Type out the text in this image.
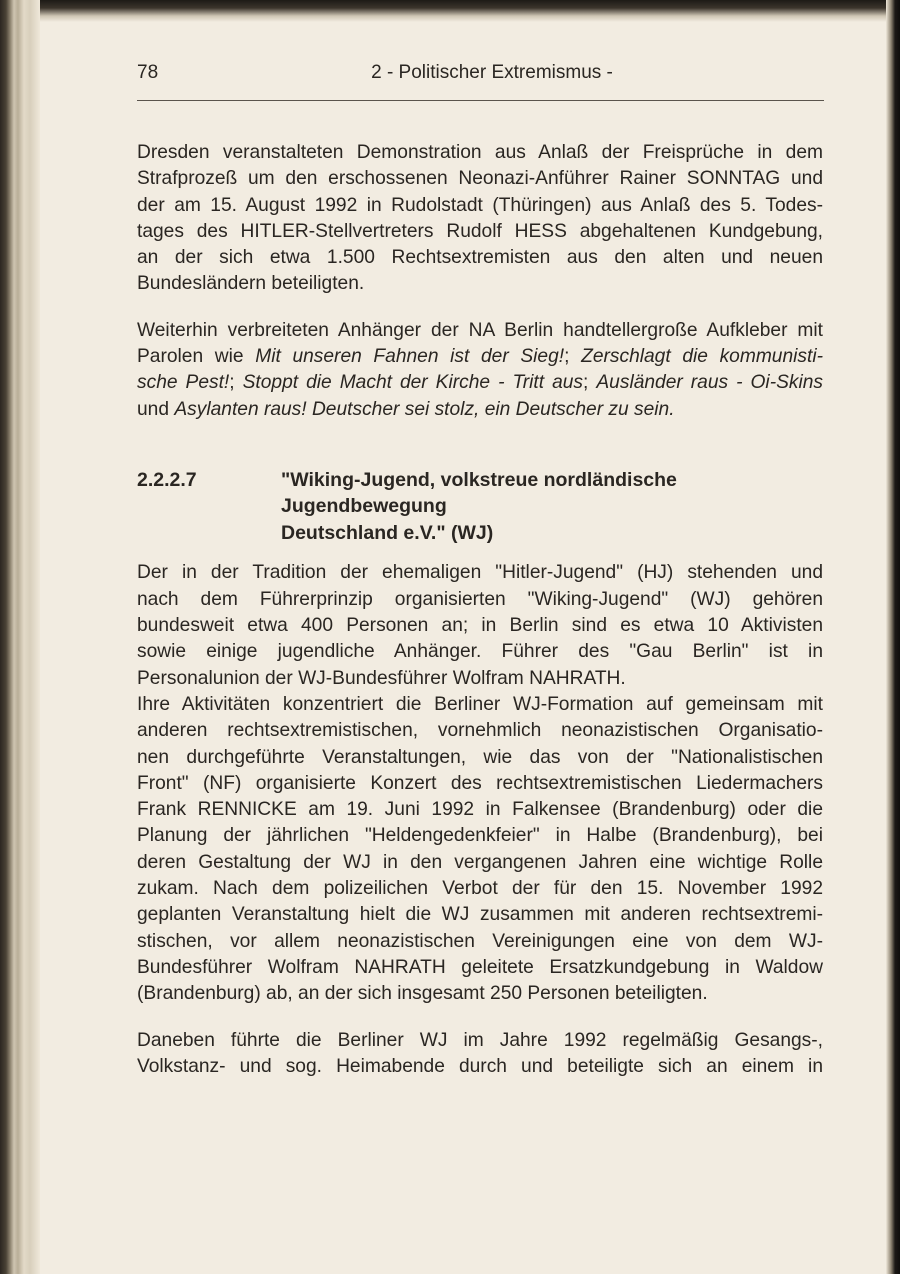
78	2 - Politischer Extremismus -
Dresden veranstalteten Demonstration aus Anlaß der Freisprüche in dem
Strafprozeß um den erschossenen Neonazi-Anführer Rainer SONNTAG und
der am 15. August 1992 in Rudolstadt (Thüringen) aus Anlaß des 5. Todes-
tages des HITLER-Stellvertreters Rudolf HESS abgehaltenen Kundgebung,
an der sich etwa 1.500 Rechtsextremisten aus den alten und neuen
Bundesländern beteiligten.
Weiterhin verbreiteten Anhänger der NA Berlin handtellergroße Aufkleber mit
Parolen wie Mit unseren Fahnen ist der Sieg!; Zerschlagt die kommunisti-
sche Pest!; Stoppt die Macht der Kirche - Tritt aus; Ausländer raus - Oi-Skins
und Asylanten raus! Deutscher sei stolz, ein Deutscher zu sein.
2.2.2.7	"Wiking-Jugend, volkstreue nordländische Jugendbewegung
Deutschland e.V." (WJ)
Der in der Tradition der ehemaligen "Hitler-Jugend" (HJ) stehenden und
nach dem Führerprinzip organisierten "Wiking-Jugend" (WJ) gehören
bundesweit etwa 400 Personen an; in Berlin sind es etwa 10 Aktivisten
sowie einige jugendliche Anhänger. Führer des "Gau Berlin" ist in
Personalunion der WJ-Bundesführer Wolfram NAHRATH.
Ihre Aktivitäten konzentriert die Berliner WJ-Formation auf gemeinsam mit
anderen rechtsextremistischen, vornehmlich neonazistischen Organisatio-
nen durchgeführte Veranstaltungen, wie das von der "Nationalistischen
Front" (NF) organisierte Konzert des rechtsextremistischen Liedermachers
Frank RENNICKE am 19. Juni 1992 in Falkensee (Brandenburg) oder die
Planung der jährlichen "Heldengedenkfeier" in Halbe (Brandenburg), bei
deren Gestaltung der WJ in den vergangenen Jahren eine wichtige Rolle
zukam. Nach dem polizeilichen Verbot der für den 15. November 1992
geplanten Veranstaltung hielt die WJ zusammen mit anderen rechtsextremi-
stischen, vor allem neonazistischen Vereinigungen eine von dem WJ-
Bundesführer Wolfram NAHRATH geleitete Ersatzkundgebung in Waldow
(Brandenburg) ab, an der sich insgesamt 250 Personen beteiligten.
Daneben führte die Berliner WJ im Jahre 1992 regelmäßig Gesangs-,
Volkstanz- und sog. Heimabende durch und beteiligte sich an einem in
